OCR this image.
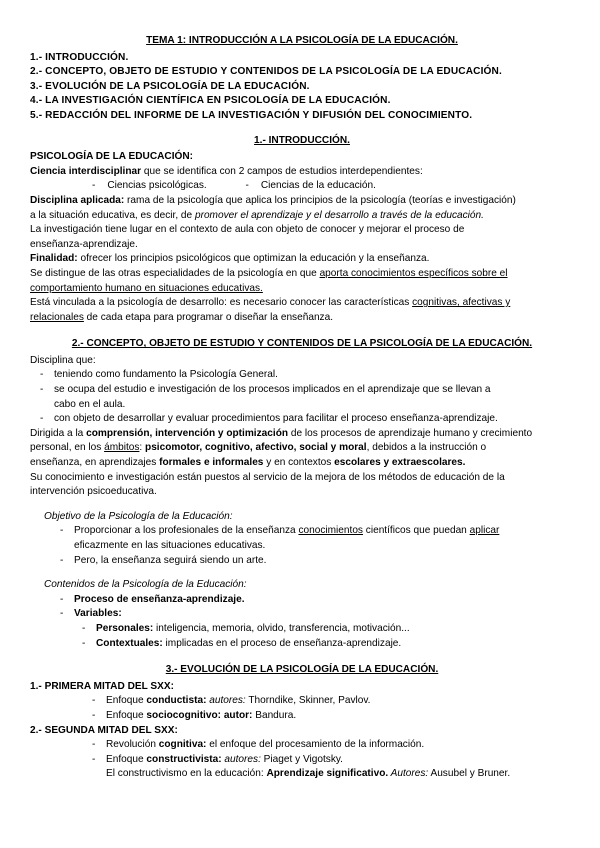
TEMA 1: INTRODUCCIÓN A LA PSICOLOGÍA DE LA EDUCACIÓN.
1.- INTRODUCCIÓN.
2.- CONCEPTO, OBJETO DE ESTUDIO Y CONTENIDOS DE LA PSICOLOGÍA DE LA EDUCACIÓN.
3.- EVOLUCIÓN DE LA PSICOLOGÍA DE LA EDUCACIÓN.
4.- LA INVESTIGACIÓN CIENTÍFICA EN PSICOLOGÍA DE LA EDUCACIÓN.
5.- REDACCIÓN DEL INFORME DE LA INVESTIGACIÓN Y DIFUSIÓN DEL CONOCIMIENTO.
1.- INTRODUCCIÓN.
PSICOLOGÍA DE LA EDUCACIÓN:

Ciencia interdisciplinar que se identifica con 2 campos de estudios interdependientes:

- Ciencias psicológicas.	- Ciencias de la educación.

Disciplina aplicada: rama de la psicología que aplica los principios de la psicología (teorías e investigación)

a la situación educativa, es decir, de promover el aprendizaje y el desarrollo a través de la educación.

La investigación tiene lugar en el contexto de aula con objeto de conocer y mejorar el proceso de

enseñanza-aprendizaje.

Finalidad: ofrecer los principios psicológicos que optimizan la educación y la enseñanza.

Se distingue de las otras especialidades de la psicología en que aporta conocimientos específicos sobre el

comportamiento humano en situaciones educativas.

Está vinculada a la psicología de desarrollo: es necesario conocer las características cognitivas, afectivas y

relacionales de cada etapa para programar o diseñar la enseñanza.

2.- CONCEPTO, OBJETO DE ESTUDIO Y CONTENIDOS DE LA PSICOLOGÍA DE LA EDUCACIÓN.

Disciplina que:

- teniendo como fundamento la Psicología General.
- se ocupa del estudio e investigación de los procesos implicados en el aprendizaje que se llevan a
cabo en el aula.
- con objeto de desarrollar y evaluar procedimientos para facilitar el proceso enseñanza-aprendizaje.

Dirigida a la comprensión, intervención y optimización de los procesos de aprendizaje humano y crecimiento

personal, en los ámbitos: psicomotor, cognitivo, afectivo, social y moral, debidos a la instrucción o

enseñanza, en aprendizajes formales e informales y en contextos escolares y extraescolares.

Su conocimiento e investigación están puestos al servicio de la mejora de los métodos de educación de la

intervención psicoeducativa.

Objetivo de la Psicología de la Educación:

- Proporcionar a los profesionales de la enseñanza conocimientos científicos que puedan aplicar
eficazmente en las situaciones educativas.
- Pero, la enseñanza seguirá siendo un arte.

Contenidos de la Psicología de la Educación:

- Proceso de enseñanza-aprendizaje.
- Variables:
- Personales: inteligencia, memoria, olvido, transferencia, motivación...
- Contextuales: implicadas en el proceso de enseñanza-aprendizaje.
3.- EVOLUCIÓN DE LA PSICOLOGÍA DE LA EDUCACIÓN.
1.- PRIMERA MITAD DEL SXX:
- Enfoque conductista: autores: Thorndike, Skinner, Pavlov.
- Enfoque sociocognitivo: autor: Bandura.
2.- SEGUNDA MITAD DEL SXX:
- Revolución cognitiva: el enfoque del procesamiento de la información.
- Enfoque constructivista: autores: Piaget y Vigotsky.

El constructivismo en la educación: Aprendizaje significativo. Autores: Ausubel y Bruner.
